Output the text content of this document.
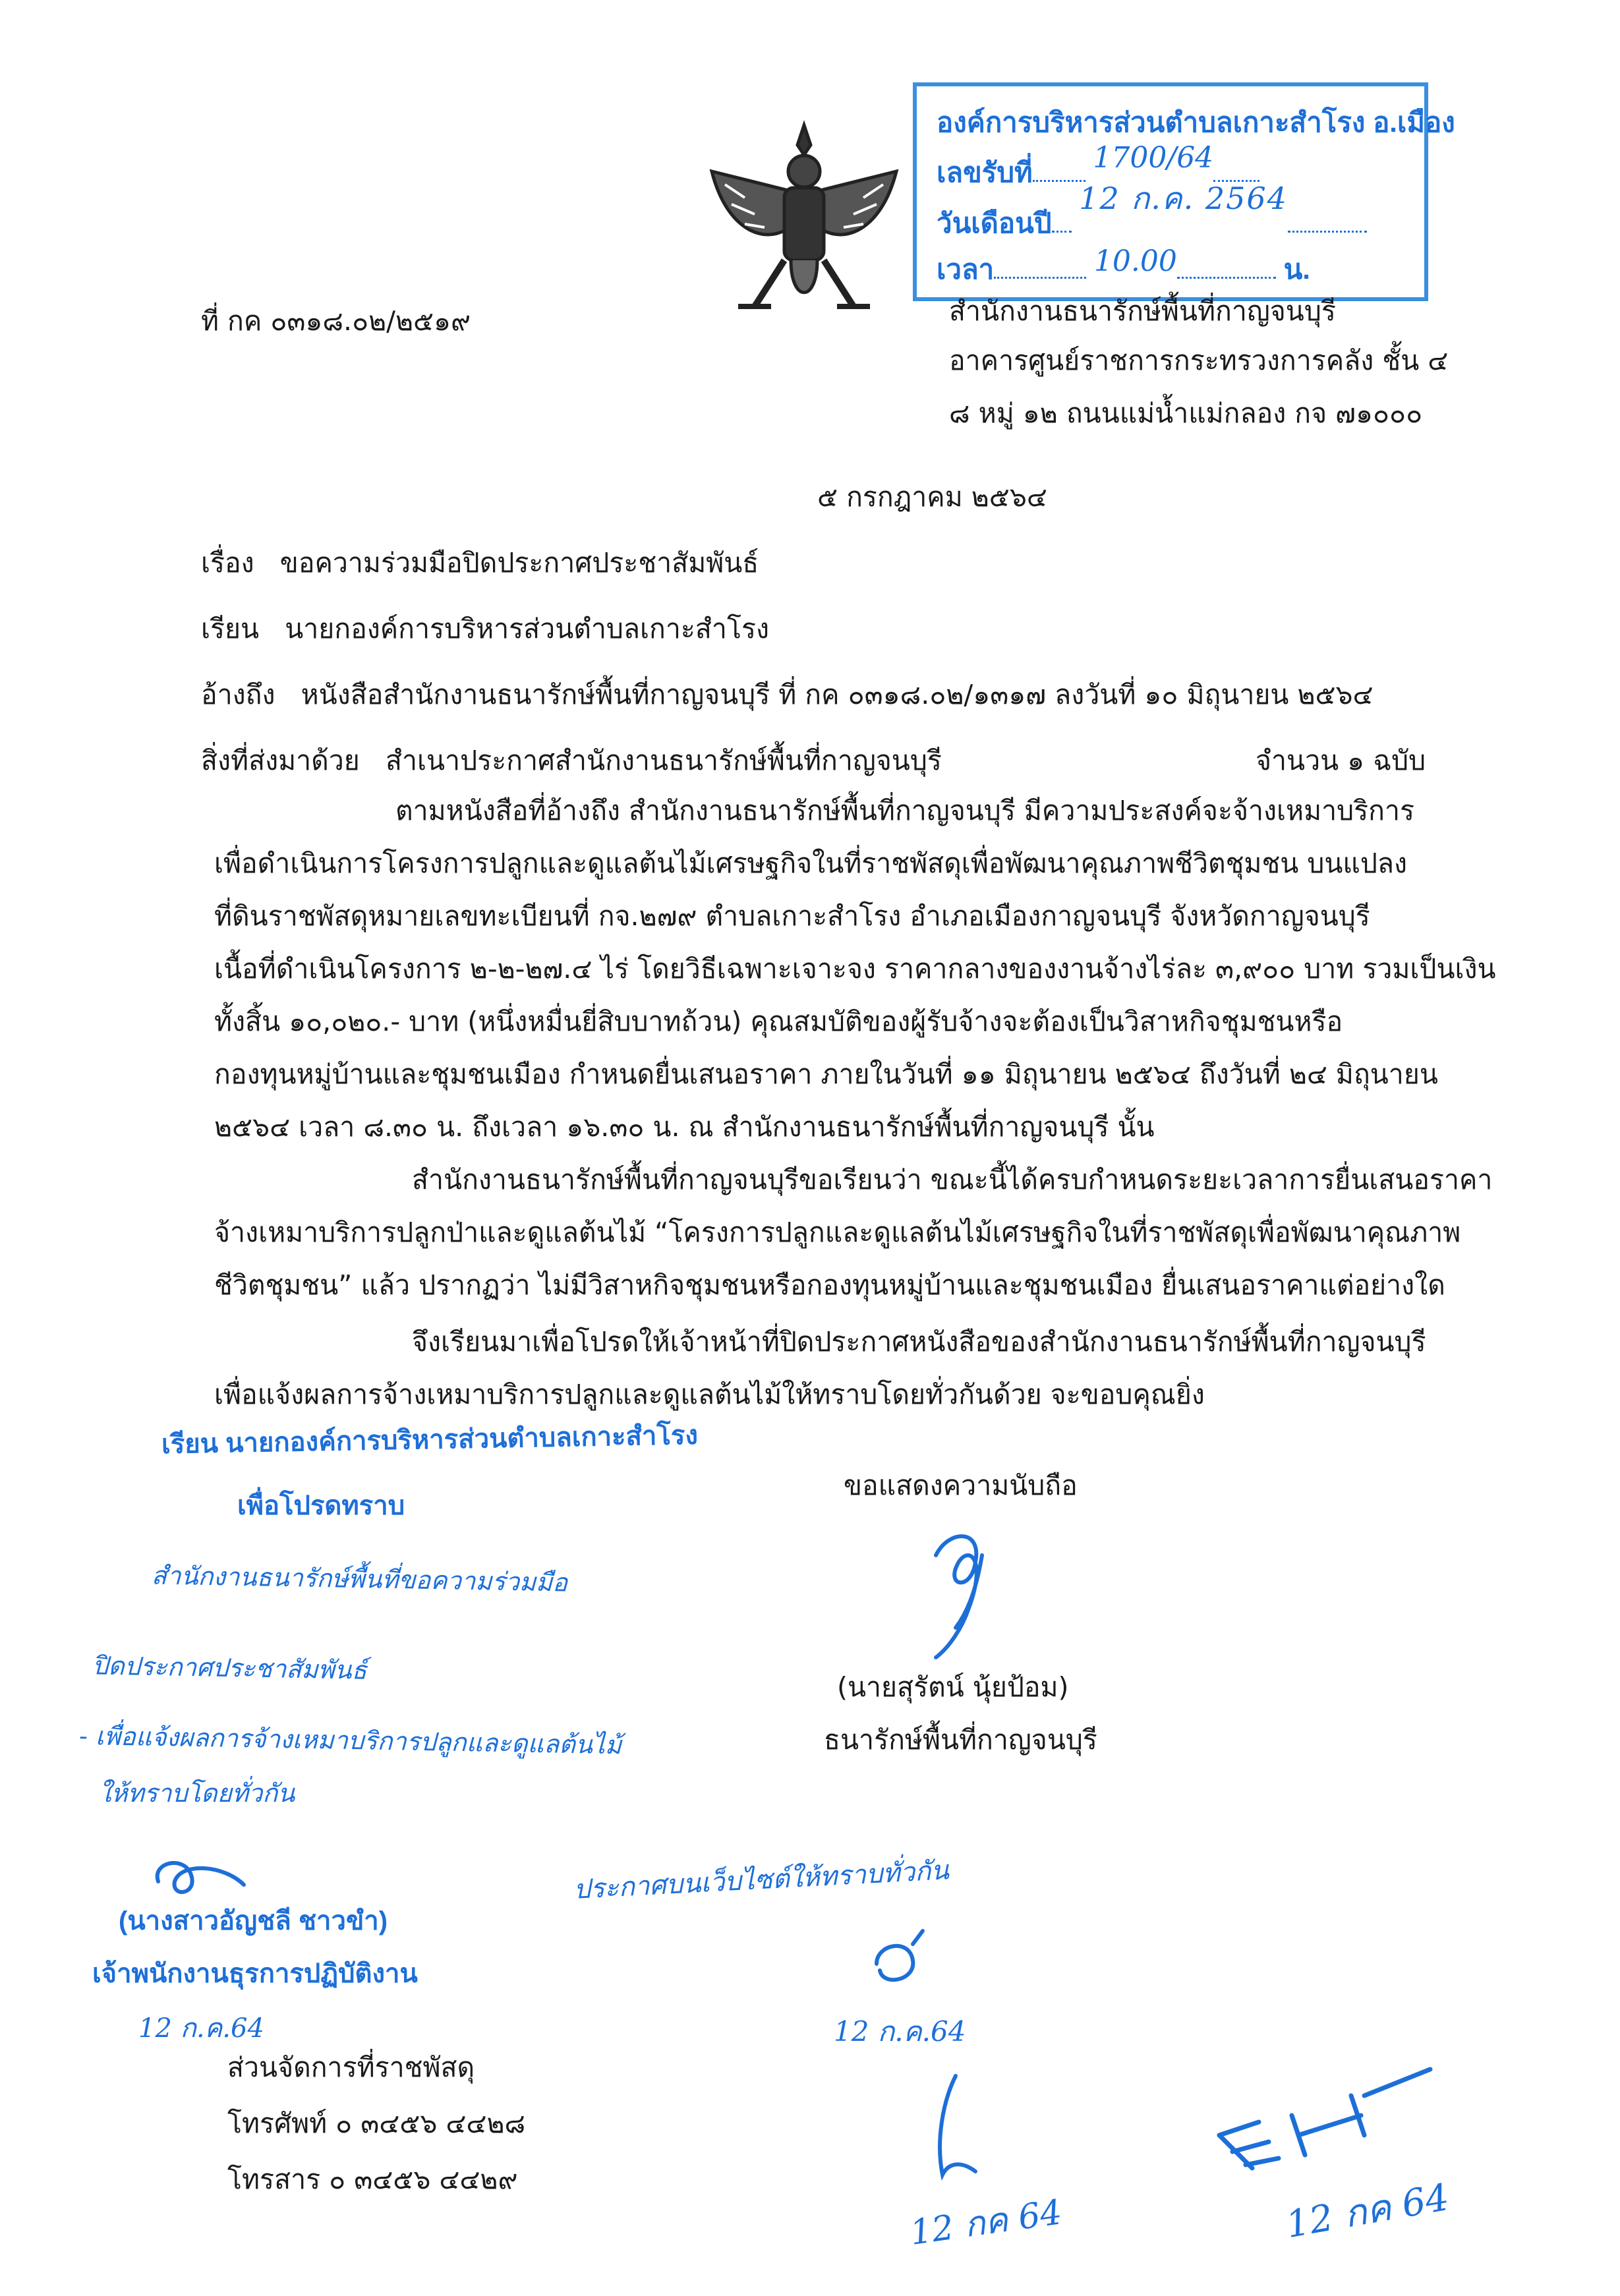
องค์การบริหารส่วนตำบลเกาะสำโรง อ.เมือง
เลขรับที่ 1700/64
วันเดือนปี 12 ก.ค. 2564
เวลา	10.00	น.
ที่ กค ๐๓๑๘.๐๒/๒๕๑๙	สำนักงานธนารักษ์พื้นที่กาญจนบุรี
อาคารศูนย์ราชการกระทรวงการคลัง ชั้น ๔
๘ หมู่ ๑๒ ถนนแม่น้ำแม่กลอง กจ ๗๑๐๐๐
๕ กรกฎาคม ๒๕๖๔
เรื่อง ขอความร่วมมือปิดประกาศประชาสัมพันธ์
เรียน นายกองค์การบริหารส่วนตำบลเกาะสำโรง
อ้างถึง หนังสือสำนักงานธนารักษ์พื้นที่กาญจนบุรี ที่ กค ๐๓๑๘.๐๒/๑๓๑๗ ลงวันที่ ๑๐ มิถุนายน ๒๕๖๔
สิ่งที่ส่งมาด้วย สำเนาประกาศสำนักงานธนารักษ์พื้นที่กาญจนบุรี	จำนวน ๑ ฉบับ
ตามหนังสือที่อ้างถึง สำนักงานธนารักษ์พื้นที่กาญจนบุรี มีความประสงค์จะจ้างเหมาบริการ
เพื่อดำเนินการโครงการปลูกและดูแลต้นไม้เศรษฐกิจในที่ราชพัสดุเพื่อพัฒนาคุณภาพชีวิตชุมชน บนแปลง
ที่ดินราชพัสดุหมายเลขทะเบียนที่ กจ.๒๗๙ ตำบลเกาะสำโรง อำเภอเมืองกาญจนบุรี จังหวัดกาญจนบุรี
เนื้อที่ดำเนินโครงการ ๒-๒-๒๗.๔ ไร่ โดยวิธีเฉพาะเจาะจง ราคากลางของงานจ้างไร่ละ ๓,๙๐๐ บาท รวมเป็นเงิน
ทั้งสิ้น ๑๐,๐๒๐.- บาท (หนึ่งหมื่นยี่สิบบาทถ้วน) คุณสมบัติของผู้รับจ้างจะต้องเป็นวิสาหกิจชุมชนหรือ
กองทุนหมู่บ้านและชุมชนเมือง กำหนดยื่นเสนอราคา ภายในวันที่ ๑๑ มิถุนายน ๒๕๖๔ ถึงวันที่ ๒๔ มิถุนายน
๒๕๖๔ เวลา ๘.๓๐ น. ถึงเวลา ๑๖.๓๐ น. ณ สำนักงานธนารักษ์พื้นที่กาญจนบุรี นั้น
สำนักงานธนารักษ์พื้นที่กาญจนบุรีขอเรียนว่า ขณะนี้ได้ครบกำหนดระยะเวลาการยื่นเสนอราคา
จ้างเหมาบริการปลูกป่าและดูแลต้นไม้ “โครงการปลูกและดูแลต้นไม้เศรษฐกิจในที่ราชพัสดุเพื่อพัฒนาคุณภาพ
ชีวิตชุมชน” แล้ว ปรากฏว่า ไม่มีวิสาหกิจชุมชนหรือกองทุนหมู่บ้านและชุมชนเมือง ยื่นเสนอราคาแต่อย่างใด
จึงเรียนมาเพื่อโปรดให้เจ้าหน้าที่ปิดประกาศหนังสือของสำนักงานธนารักษ์พื้นที่กาญจนบุรี
เพื่อแจ้งผลการจ้างเหมาบริการปลูกและดูแลต้นไม้ให้ทราบโดยทั่วกันด้วย จะขอบคุณยิ่ง
ขอแสดงความนับถือ
(นายสุรัตน์ นุ้ยป้อม)
ธนารักษ์พื้นที่กาญจนบุรี
เรียน นายกองค์การบริหารส่วนตำบลเกาะสำโรง
เพื่อโปรดทราบ
สำนักงานธนารักษ์พื้นที่ขอความร่วมมือ
ปิดประกาศประชาสัมพันธ์
- เพื่อแจ้งผลการจ้างเหมาบริการปลูกและดูแลต้นไม้
ให้ทราบโดยทั่วกัน
(นางสาวอัญชลี ชาวขำ)
เจ้าพนักงานธุรการปฏิบัติงาน
12 ก.ค.64
ส่วนจัดการที่ราชพัสดุ
โทรศัพท์ ๐ ๓๔๕๖ ๔๔๒๘
โทรสาร ๐ ๓๔๕๖ ๔๔๒๙
ประกาศบนเว็บไซต์ให้ทราบทั่วกัน
12 ก.ค.64
12 กค 64	12 กค 64
